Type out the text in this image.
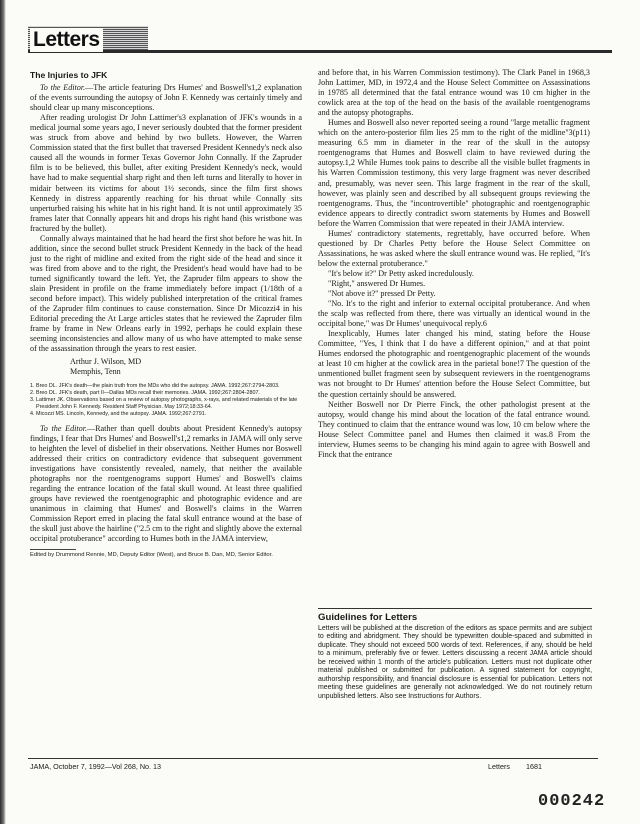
Letters
The Injuries to JFK

To the Editor.—The article featuring Drs Humes' and Boswell's1,2 explanation of the events surrounding the autopsy of John F. Kennedy was certainly timely and should clear up many misconceptions.

After reading urologist Dr John Lattimer's3 explanation of JFK's wounds in a medical journal some years ago, I never seriously doubted that the former president was struck from above and behind by two bullets. However, the Warren Commission stated that the first bullet that traversed President Kennedy's neck also caused all the wounds in former Texas Governor John Connally. If the Zapruder film is to be believed, this bullet, after exiting President Kennedy's neck, would have had to make sequential sharp right and then left turns and literally to hover in midair between its victims for about 1½ seconds, since the film first shows Kennedy in distress apparently reaching for his throat while Connally sits unperturbed raising his white hat in his right hand. It is not until approximately 35 frames later that Connally appears hit and drops his right hand (his wristbone was fractured by the bullet).

Connally always maintained that he had heard the first shot before he was hit. In addition, since the second bullet struck President Kennedy in the back of the head just to the right of midline and exited from the right side of the head and since it was fired from above and to the right, the President's head would have had to be turned significantly toward the left. Yet, the Zapruder film appears to show the slain President in profile on the frame immediately before impact (1/18th of a second before impact). This widely published interpretation of the critical frames of the Zapruder film continues to cause consternation. Since Dr Micozzi4 in his Editorial preceding the At Large articles states that he reviewed the Zapruder film frame by frame in New Orleans early in 1992, perhaps he could explain these seeming inconsistencies and allow many of us who have attempted to make sense of the assassination through the years to rest easier.

Arthur J. Wilson, MD
Memphis, Tenn
1. Breo DL. JFK's death—the plain truth from the MDs who did the autopsy. JAMA. 1992;267:2794-2803.
2. Breo DL. JFK's death, part II—Dallas MDs recall their memories. JAMA. 1992;267:2804-2807.
3. Lattimer JK. Observations based on a review of autopsy photographs, x-rays, and related materials of the late President John F. Kennedy. Resident Staff Physician. May 1972;18:33-64.
4. Micozzi MS. Lincoln, Kennedy, and the autopsy. JAMA. 1992;267:2791.

To the Editor.—Rather than quell doubts about President Kennedy's autopsy findings, I fear that Drs Humes' and Boswell's1,2 remarks in JAMA will only serve to heighten the level of disbelief in their observations. Neither Humes nor Boswell addressed their critics on contradictory evidence that subsequent government investigations have consistently revealed, namely, that neither the available photographs nor the roentgenograms support Humes' and Boswell's claims regarding the entrance location of the fatal skull wound. At least three qualified groups have reviewed the roentgenographic and photographic evidence and are unanimous in claiming that Humes' and Boswell's claims in the Warren Commission Report erred in placing the fatal skull entrance wound at the base of the skull just above the hairline ("2.5 cm to the right and slightly above the external occipital protuberance" according to Humes both in the JAMA interview,

Edited by Drummond Rennie, MD, Deputy Editor (West), and Bruce B. Dan, MD, Senior Editor.

and before that, in his Warren Commission testimony). The Clark Panel in 1968,3 John Lattimer, MD, in 1972,4 and the House Select Committee on Assassinations in 19785 all determined that the fatal entrance wound was 10 cm higher in the cowlick area at the top of the head on the basis of the available roentgenograms and the autopsy photographs.

Humes and Boswell also never reported seeing a round "large metallic fragment which on the antero-posterior film lies 25 mm to the right of the midline"3(p11) measuring 6.5 mm in diameter in the rear of the skull in the autopsy roentgenograms that Humes and Boswell claim to have reviewed during the autopsy.1,2 While Humes took pains to describe all the visible bullet fragments in his Warren Commission testimony, this very large fragment was never described and, presumably, was never seen. This large fragment in the rear of the skull, however, was plainly seen and described by all subsequent groups reviewing the roentgenograms. Thus, the "incontrovertible" photographic and roentgenographic evidence appears to directly contradict sworn statements by Humes and Boswell before the Warren Commission that were repeated in their JAMA interview.

Humes' contradictory statements, regrettably, have occurred before. When questioned by Dr Charles Petty before the House Select Committee on Assassinations, he was asked where the skull entrance wound was. He replied, "It's below the external protuberance."

"It's below it?" Dr Petty asked incredulously.

"Right," answered Dr Humes.

"Not above it?" pressed Dr Petty.

"No. It's to the right and inferior to external occipital protuberance. And when the scalp was reflected from there, there was virtually an identical wound in the occipital bone," was Dr Humes' unequivocal reply.6

Inexplicably, Humes later changed his mind, stating before the House Committee, "Yes, I think that I do have a different opinion," and at that point Humes endorsed the photographic and roentgenographic placement of the wounds at least 10 cm higher at the cowlick area in the parietal bone!7 The question of the unmentioned bullet fragment seen by subsequent reviewers in the roentgenograms was not brought to Dr Humes' attention before the House Select Committee, but the question certainly should be answered.

Neither Boswell nor Dr Pierre Finck, the other pathologist present at the autopsy, would change his mind about the location of the fatal entrance wound. They continued to claim that the entrance wound was low, 10 cm below where the House Select Committee panel and Humes then claimed it was.8 From the interview, Humes seems to be changing his mind again to agree with Boswell and Finck that the entrance

Guidelines for Letters
Letters will be published at the discretion of the editors as space permits and are subject to editing and abridgment. They should be typewritten double-spaced and submitted in duplicate. They should not exceed 500 words of text. References, if any, should be held to a minimum, preferably five or fewer. Letters discussing a recent JAMA article should be received within 1 month of the article's publication. Letters must not duplicate other material published or submitted for publication. A signed statement for copyright, authorship responsibility, and financial disclosure is essential for publication. Letters not meeting these guidelines are generally not acknowledged. We do not routinely return unpublished letters. Also see Instructions for Authors.
JAMA, October 7, 1992—Vol 268, No. 13	Letters 1681
000242
